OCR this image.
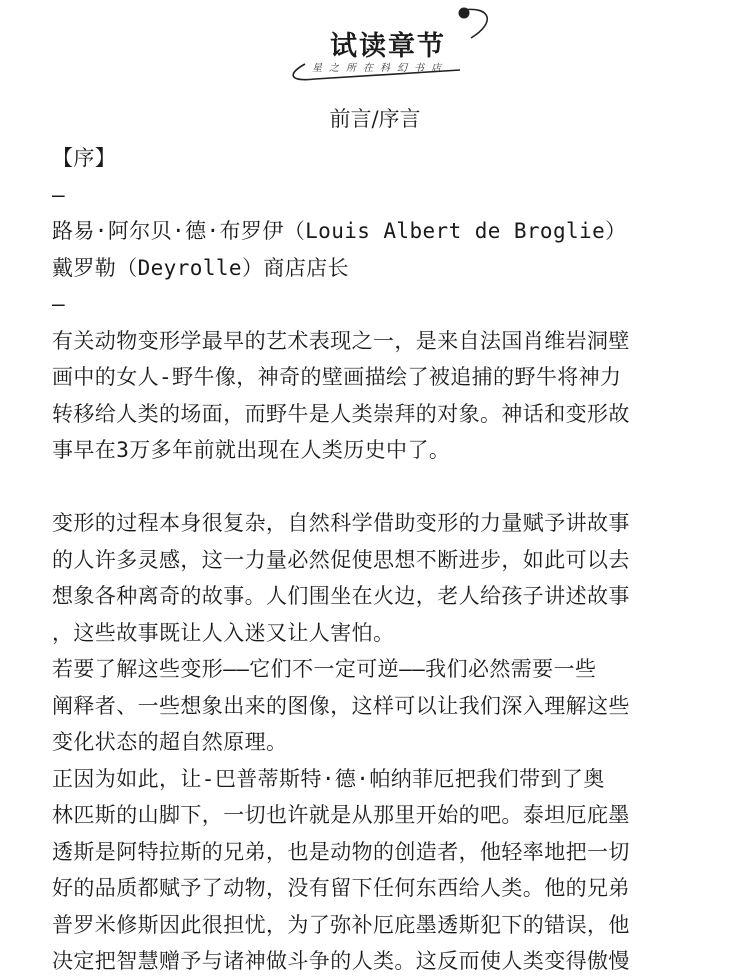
试读章节
星之所在科幻书店
前言/序言

【序】

—

路易·阿尔贝·德·布罗伊（Louis Albert de Broglie）

戴罗勒（Deyrolle）商店店长

—

有关动物变形学最早的艺术表现之一，是来自法国肖维岩洞壁

画中的女人-野牛像，神奇的壁画描绘了被追捕的野牛将神力

转移给人类的场面，而野牛是人类崇拜的对象。神话和变形故

事早在3万多年前就出现在人类历史中了。

变形的过程本身很复杂，自然科学借助变形的力量赋予讲故事

的人许多灵感，这一力量必然促使思想不断进步，如此可以去

想象各种离奇的故事。人们围坐在火边，老人给孩子讲述故事

，这些故事既让人入迷又让人害怕。

若要了解这些变形——它们不一定可逆——我们必然需要一些

阐释者、一些想象出来的图像，这样可以让我们深入理解这些

变化状态的超自然原理。

正因为如此，让-巴普蒂斯特·德·帕纳菲厄把我们带到了奥

林匹斯的山脚下，一切也许就是从那里开始的吧。泰坦厄庇墨

透斯是阿特拉斯的兄弟，也是动物的创造者，他轻率地把一切

好的品质都赋予了动物，没有留下任何东西给人类。他的兄弟

普罗米修斯因此很担忧，为了弥补厄庇墨透斯犯下的错误，他

决定把智慧赠予与诸神做斗争的人类。这反而使人类变得傲慢
